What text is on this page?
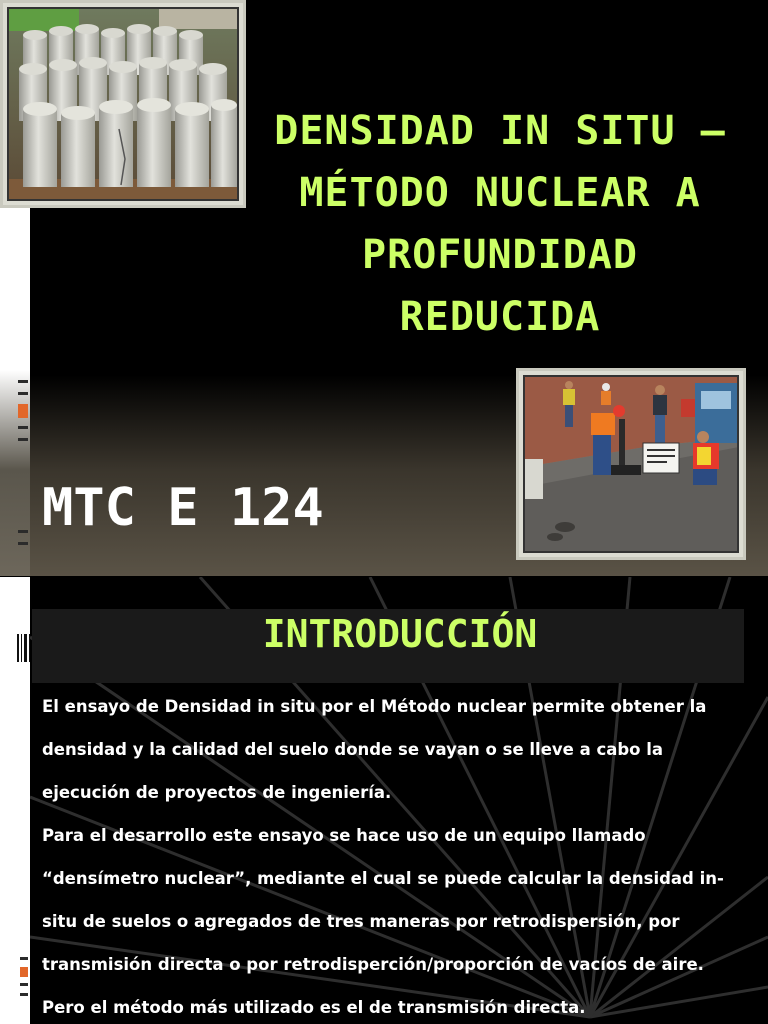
DENSIDAD IN SITU –
MÉTODO NUCLEAR A
PROFUNDIDAD
REDUCIDA
MTC E 124
INTRODUCCIÓN

El ensayo de Densidad in situ por el Método nuclear permite obtener la densidad y la calidad del suelo donde se vayan o se lleve a cabo la ejecución de proyectos de ingeniería.

Para el desarrollo este ensayo se hace uso de un equipo llamado “densímetro nuclear”, mediante el cual se puede calcular la densidad in-situ de suelos o agregados de tres maneras por retrodispersión, por transmisión directa o por retrodisperción/proporción de vacíos de aire.

Pero el método más utilizado es el de transmisión directa.
